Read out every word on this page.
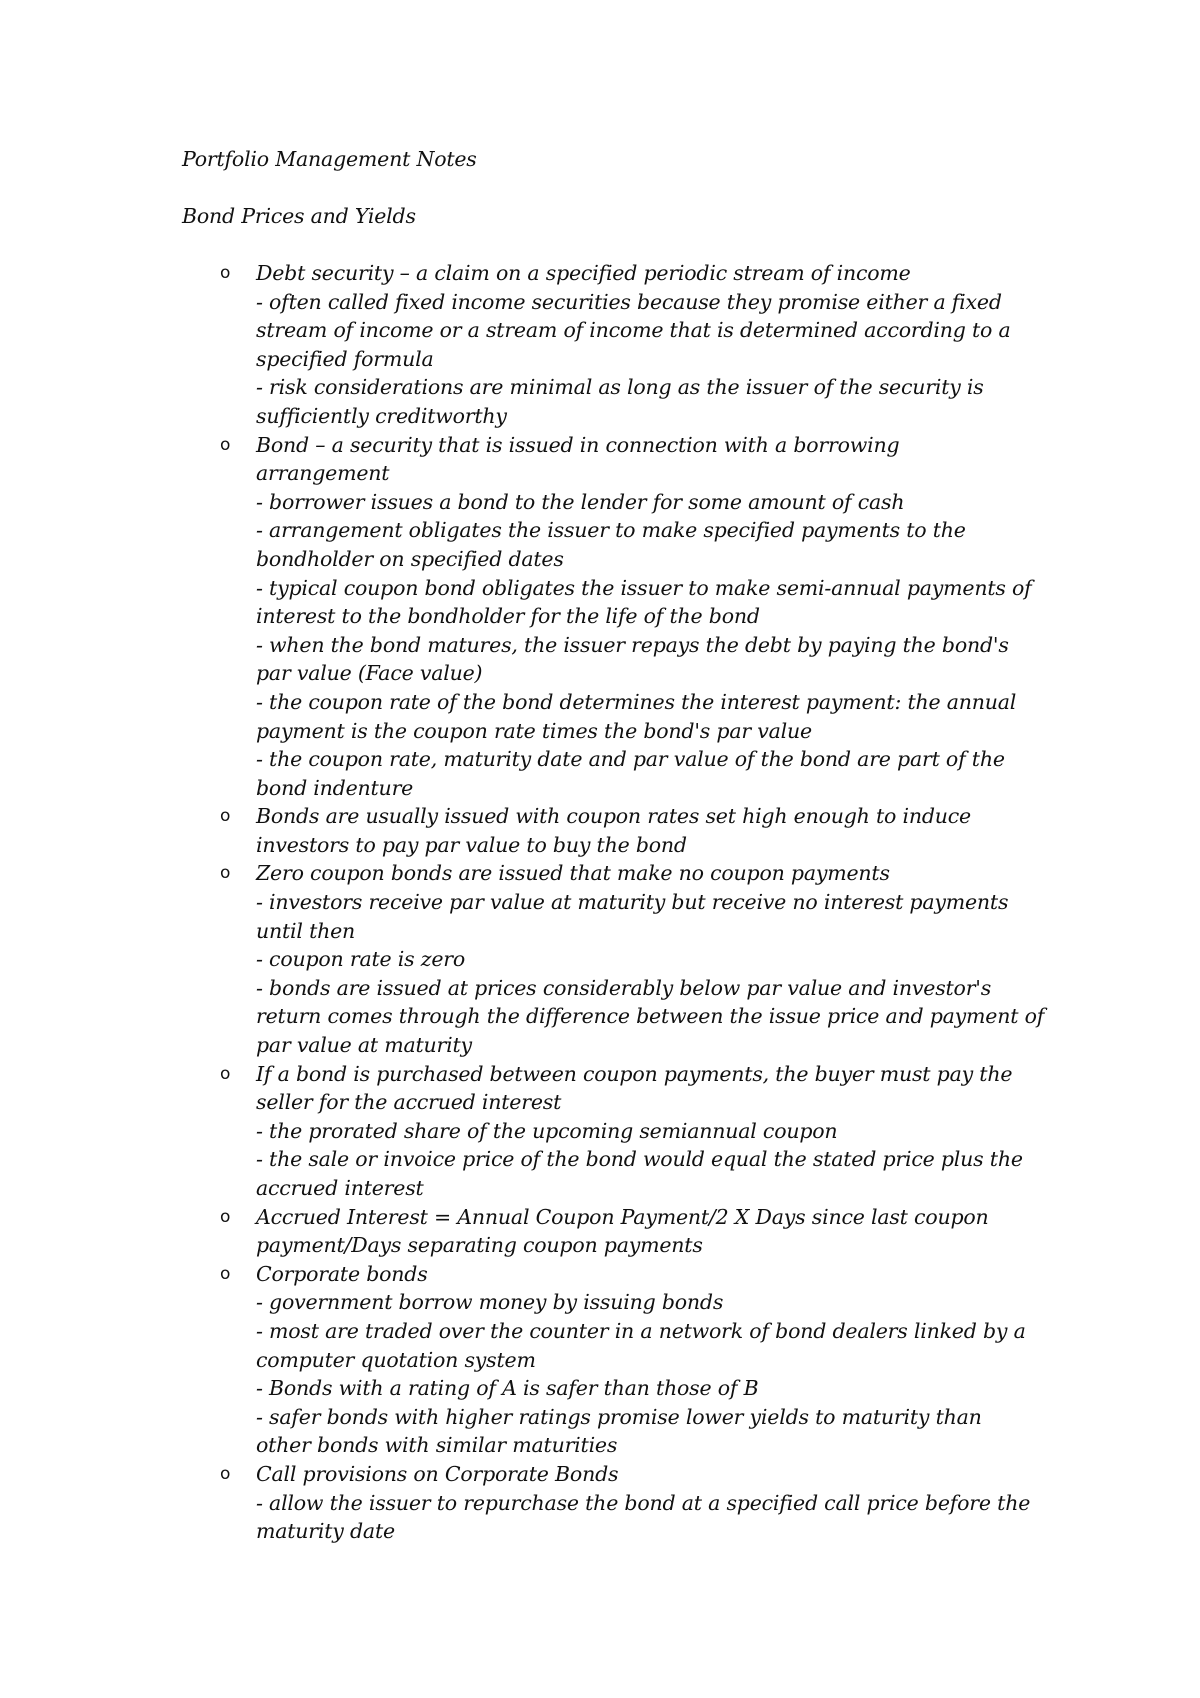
Portfolio Management Notes
Bond Prices and Yields
o Debt security – a claim on a specified periodic stream of income
- often called fixed income securities because they promise either a fixed
stream of income or a stream of income that is determined according to a
specified formula
- risk considerations are minimal as long as the issuer of the security is
sufficiently creditworthy
o Bond – a security that is issued in connection with a borrowing
arrangement
- borrower issues a bond to the lender for some amount of cash
- arrangement obligates the issuer to make specified payments to the
bondholder on specified dates
- typical coupon bond obligates the issuer to make semi-annual payments of
interest to the bondholder for the life of the bond
- when the bond matures, the issuer repays the debt by paying the bond's
par value (Face value)
- the coupon rate of the bond determines the interest payment: the annual
payment is the coupon rate times the bond's par value
- the coupon rate, maturity date and par value of the bond are part of the
bond indenture
o Bonds are usually issued with coupon rates set high enough to induce
investors to pay par value to buy the bond
o Zero coupon bonds are issued that make no coupon payments
- investors receive par value at maturity but receive no interest payments
until then
- coupon rate is zero
- bonds are issued at prices considerably below par value and investor's
return comes through the difference between the issue price and payment of
par value at maturity
o If a bond is purchased between coupon payments, the buyer must pay the
seller for the accrued interest
- the prorated share of the upcoming semiannual coupon
- the sale or invoice price of the bond would equal the stated price plus the
accrued interest
o Accrued Interest = Annual Coupon Payment/2 X Days since last coupon
payment/Days separating coupon payments
o Corporate bonds
- government borrow money by issuing bonds
- most are traded over the counter in a network of bond dealers linked by a
computer quotation system
- Bonds with a rating of A is safer than those of B
- safer bonds with higher ratings promise lower yields to maturity than
other bonds with similar maturities
o Call provisions on Corporate Bonds
- allow the issuer to repurchase the bond at a specified call price before the
maturity date
